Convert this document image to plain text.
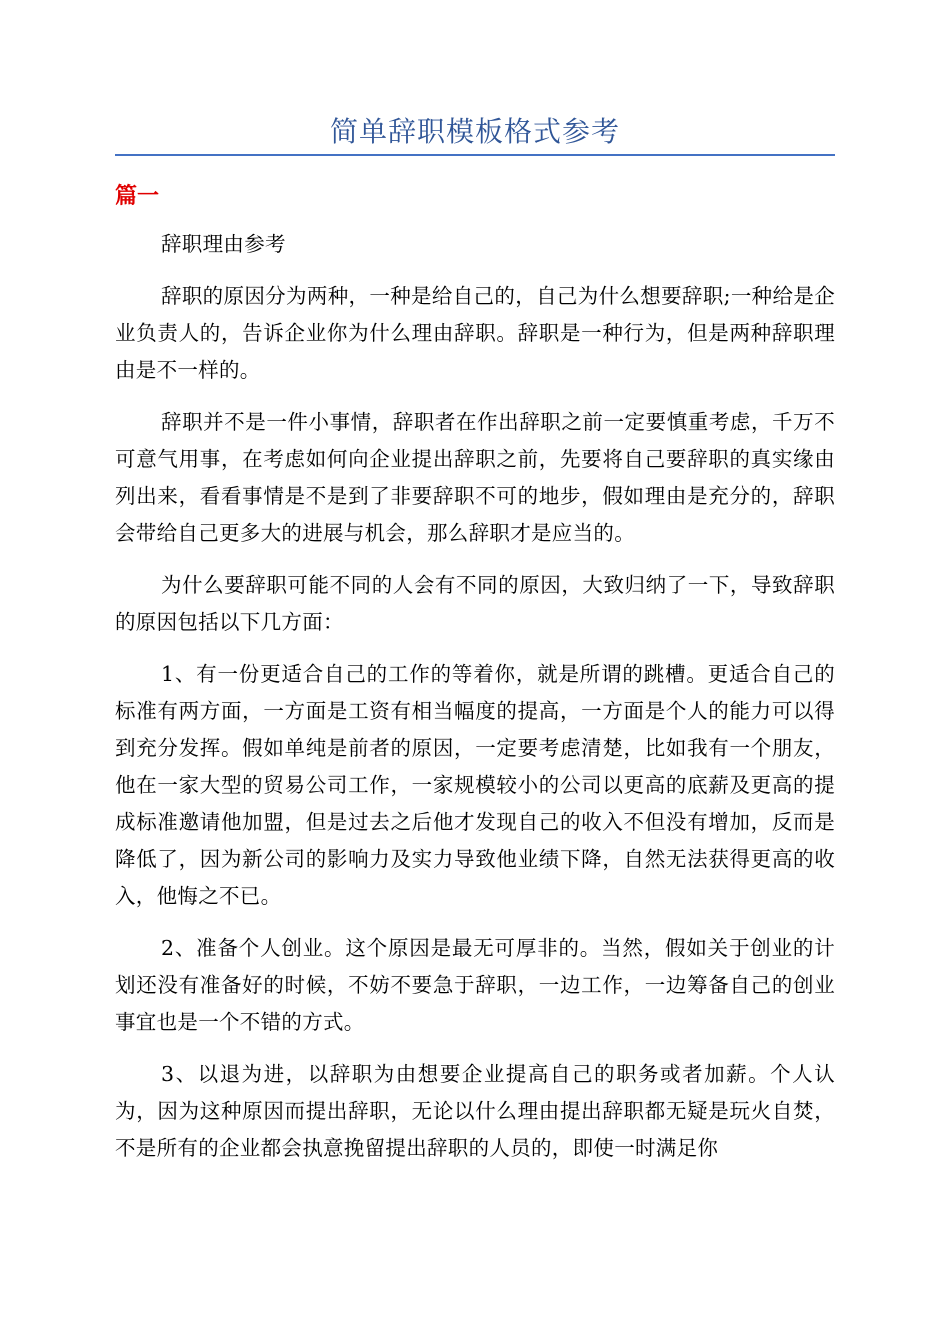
简单辞职模板格式参考
篇一

辞职理由参考

辞职的原因分为两种，一种是给自己的，自己为什么想要辞职;一种给是企业负责人的，告诉企业你为什么理由辞职。辞职是一种行为，但是两种辞职理由是不一样的。

辞职并不是一件小事情，辞职者在作出辞职之前一定要慎重考虑，千万不可意气用事，在考虑如何向企业提出辞职之前，先要将自己要辞职的真实缘由列出来，看看事情是不是到了非要辞职不可的地步，假如理由是充分的，辞职会带给自己更多大的进展与机会，那么辞职才是应当的。

为什么要辞职可能不同的人会有不同的原因，大致归纳了一下，导致辞职的原因包括以下几方面：

1、有一份更适合自己的工作的等着你，就是所谓的跳槽。更适合自己的标准有两方面，一方面是工资有相当幅度的提高，一方面是个人的能力可以得到充分发挥。假如单纯是前者的原因，一定要考虑清楚，比如我有一个朋友，他在一家大型的贸易公司工作，一家规模较小的公司以更高的底薪及更高的提成标准邀请他加盟，但是过去之后他才发现自己的收入不但没有增加，反而是降低了，因为新公司的影响力及实力导致他业绩下降，自然无法获得更高的收入，他悔之不已。

2、准备个人创业。这个原因是最无可厚非的。当然，假如关于创业的计划还没有准备好的时候，不妨不要急于辞职，一边工作，一边筹备自己的创业事宜也是一个不错的方式。

3、以退为进，以辞职为由想要企业提高自己的职务或者加薪。个人认为，因为这种原因而提出辞职，无论以什么理由提出辞职都无疑是玩火自焚，不是所有的企业都会执意挽留提出辞职的人员的，即使一时满足你
